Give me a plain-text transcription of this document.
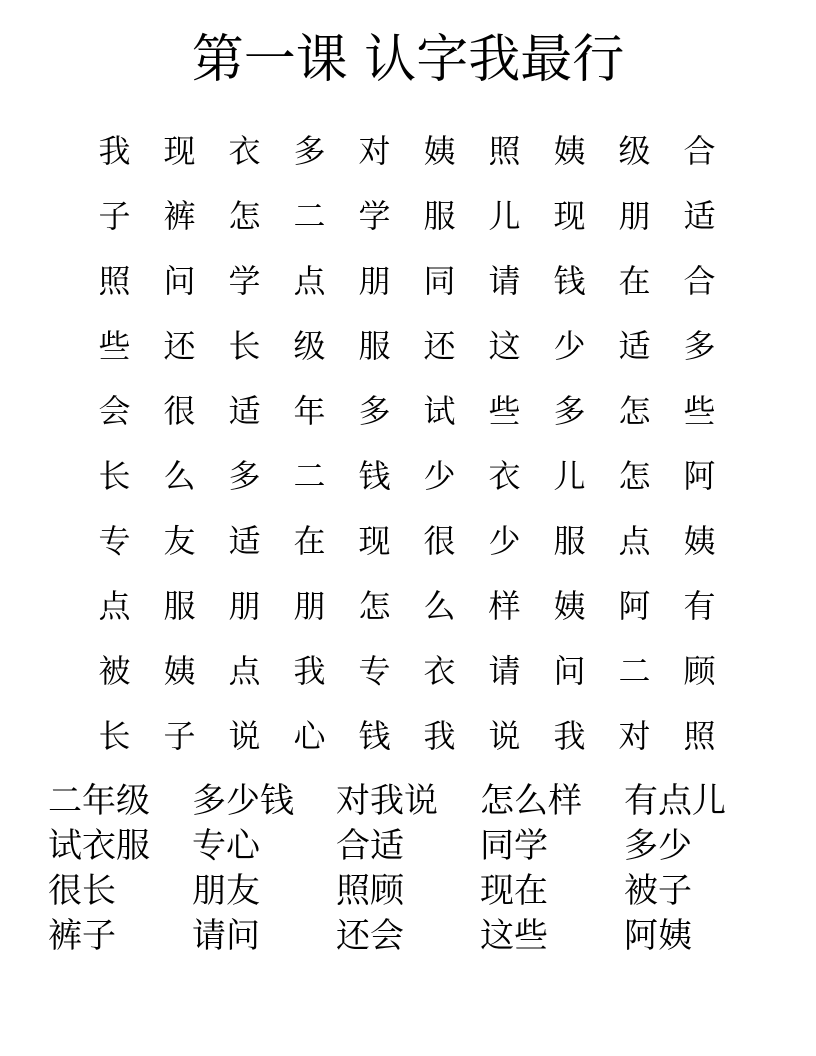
第一课 认字我最行
我	现	衣	多	对	姨	照	姨	级	合
子	裤	怎	二	学	服	儿	现	朋	适
照	问	学	点	朋	同	请	钱	在	合
些	还	长	级	服	还	这	少	适	多
会	很	适	年	多	试	些	多	怎	些
长	么	多	二	钱	少	衣	儿	怎	阿
专	友	适	在	现	很	少	服	点	姨
点	服	朋	朋	怎	么	样	姨	阿	有
被	姨	点	我	专	衣	请	问	二	顾
长	子	说	心	钱	我	说	我	对	照
二年级	多少钱	对我说	怎么样	有点儿
试衣服	专心	合适	同学	多少
很长	朋友	照顾	现在	被子
裤子	请问	还会	这些	阿姨
